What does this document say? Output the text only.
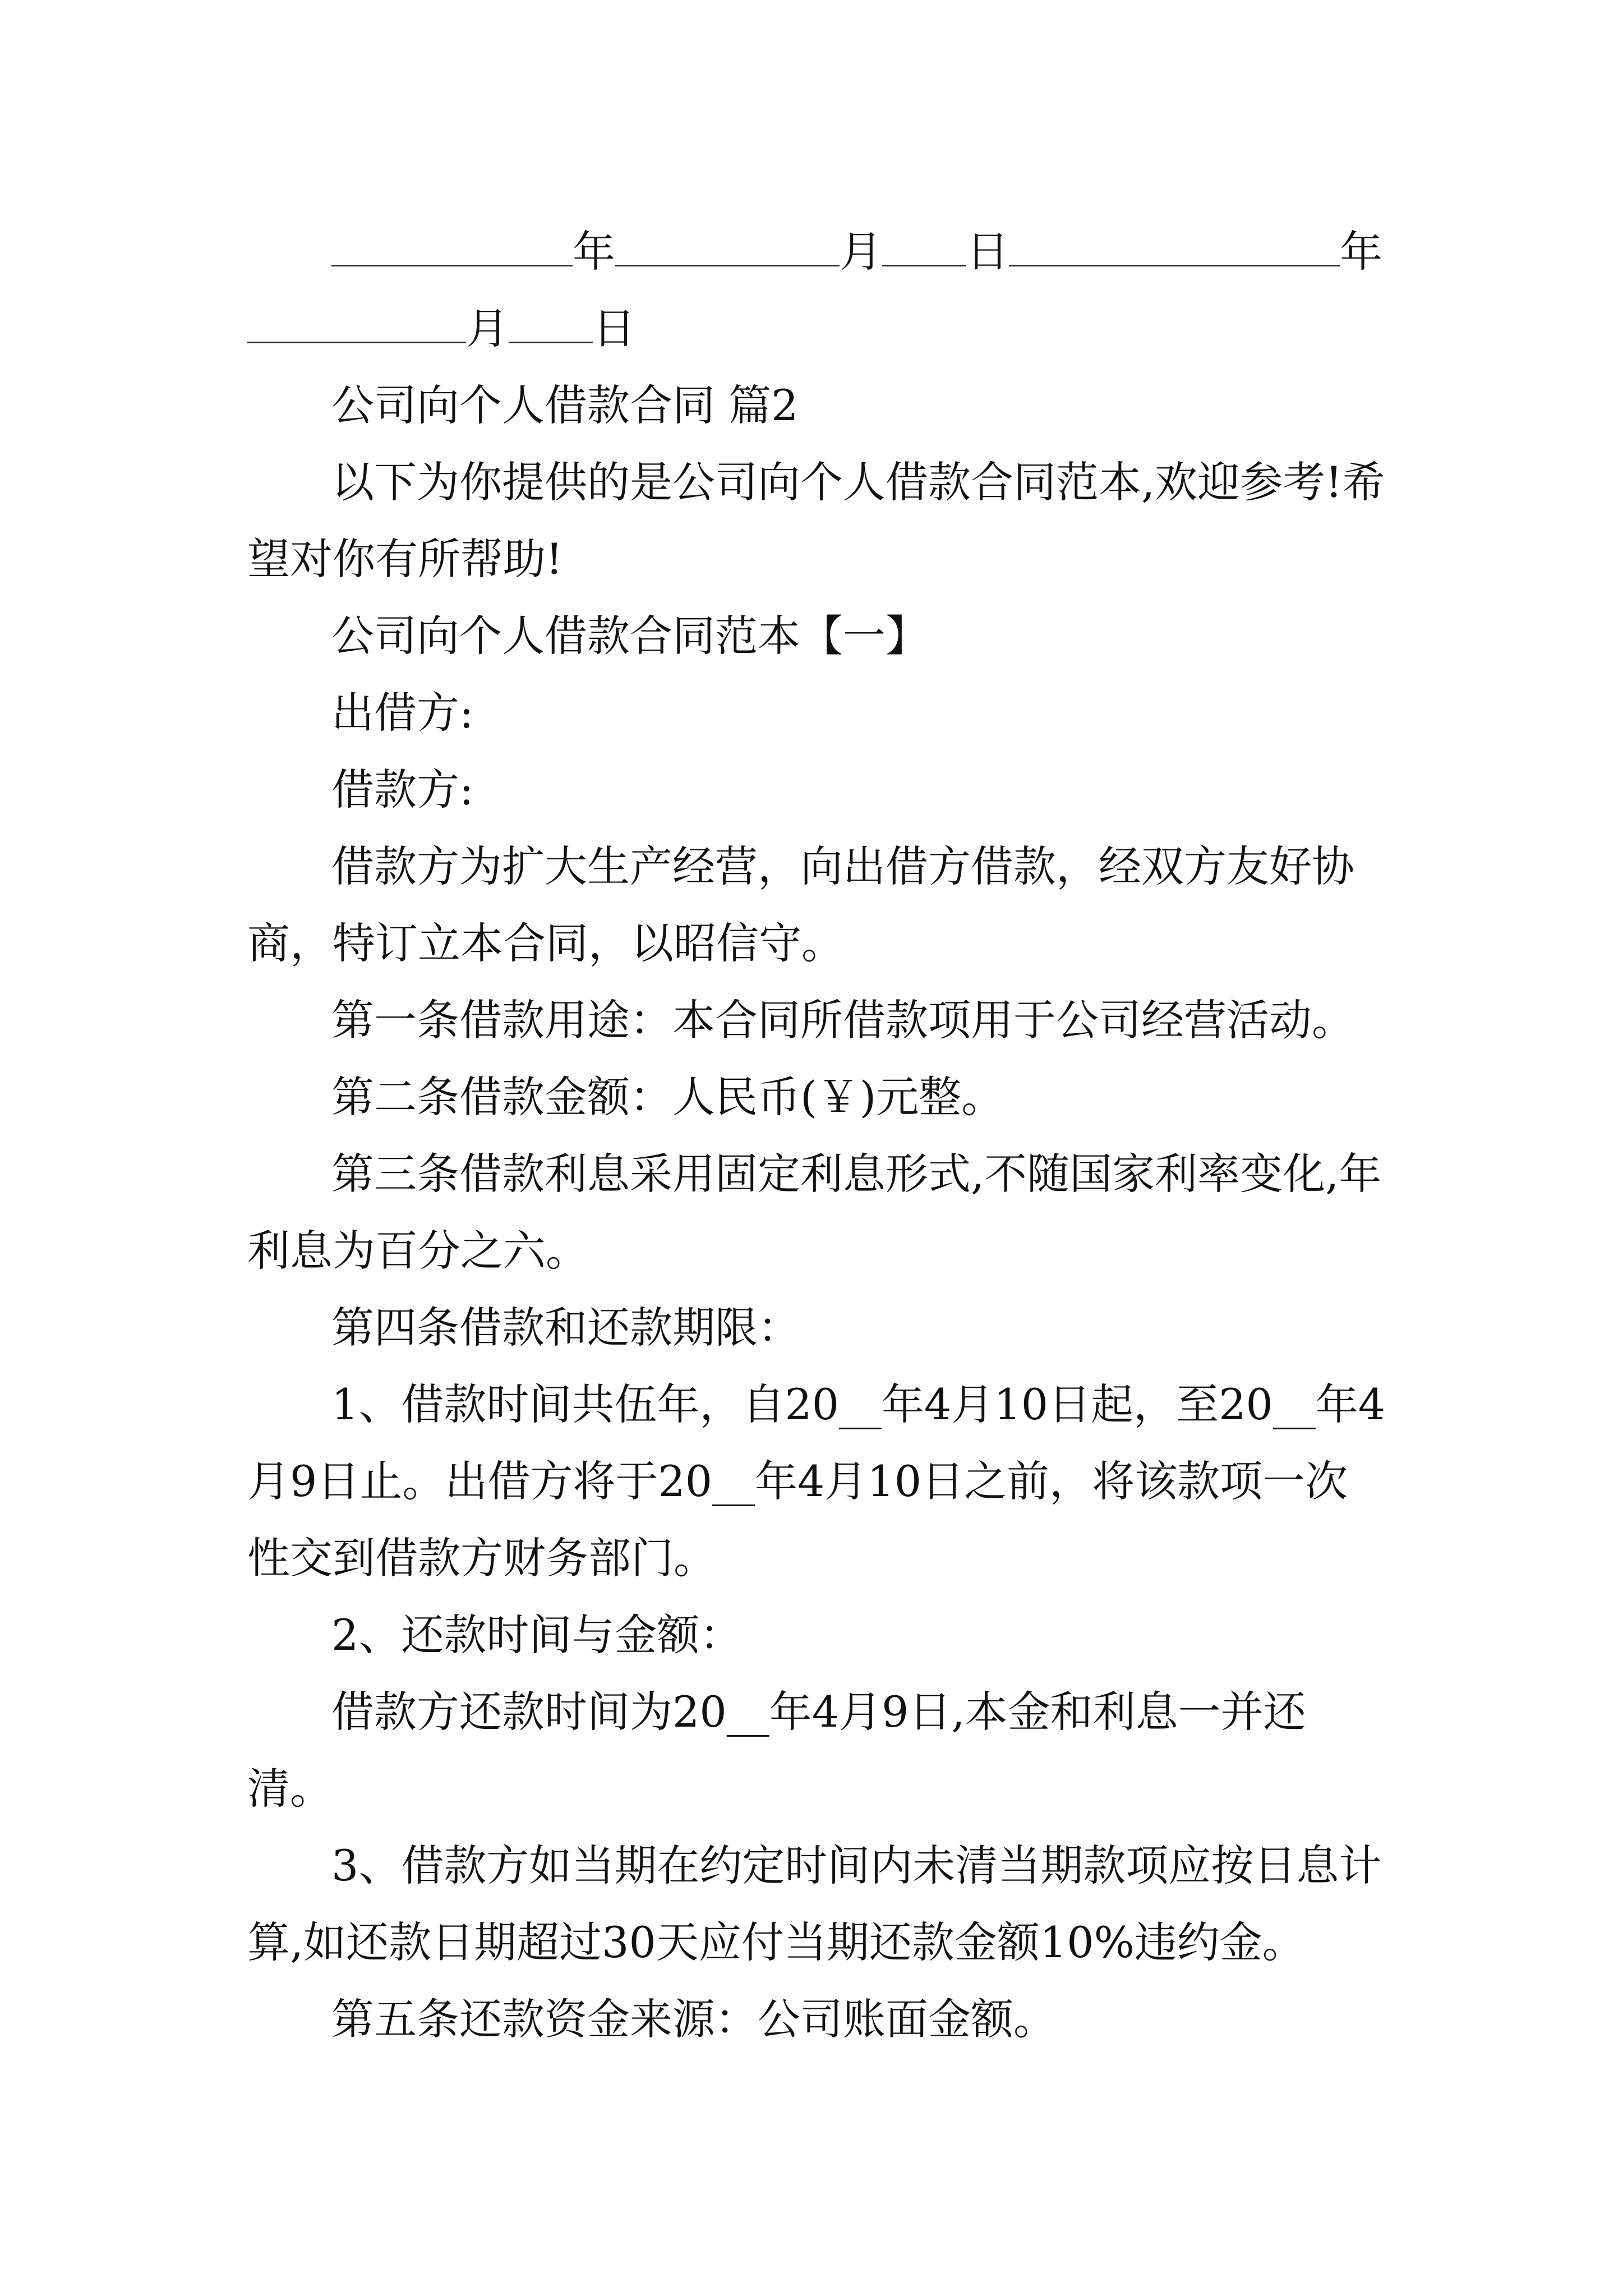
年	月 日	年月 日

公司向个人借款合同 篇2

以下为你提供的是公司向个人借款合同范本,欢迎参考!希望对你有所帮助!

公司向个人借款合同范本【一】

出借方:

借款方:

借款方为扩大生产经营，向出借方借款，经双方友好协商，特订立本合同，以昭信守。

第一条借款用途：本合同所借款项用于公司经营活动。

第二条借款金额：人民币(￥)元整。

第三条借款利息采用固定利息形式,不随国家利率变化,年利息为百分之六。

第四条借款和还款期限：

1、借款时间共伍年，自20__年4月10日起，至20__年4月9日止。出借方将于20__年4月10日之前，将该款项一次性交到借款方财务部门。

2、还款时间与金额：

借款方还款时间为20__年4月9日,本金和利息一并还清。

3、借款方如当期在约定时间内未清当期款项应按日息计算,如还款日期超过30天应付当期还款金额10%违约金。

第五条还款资金来源：公司账面金额。
